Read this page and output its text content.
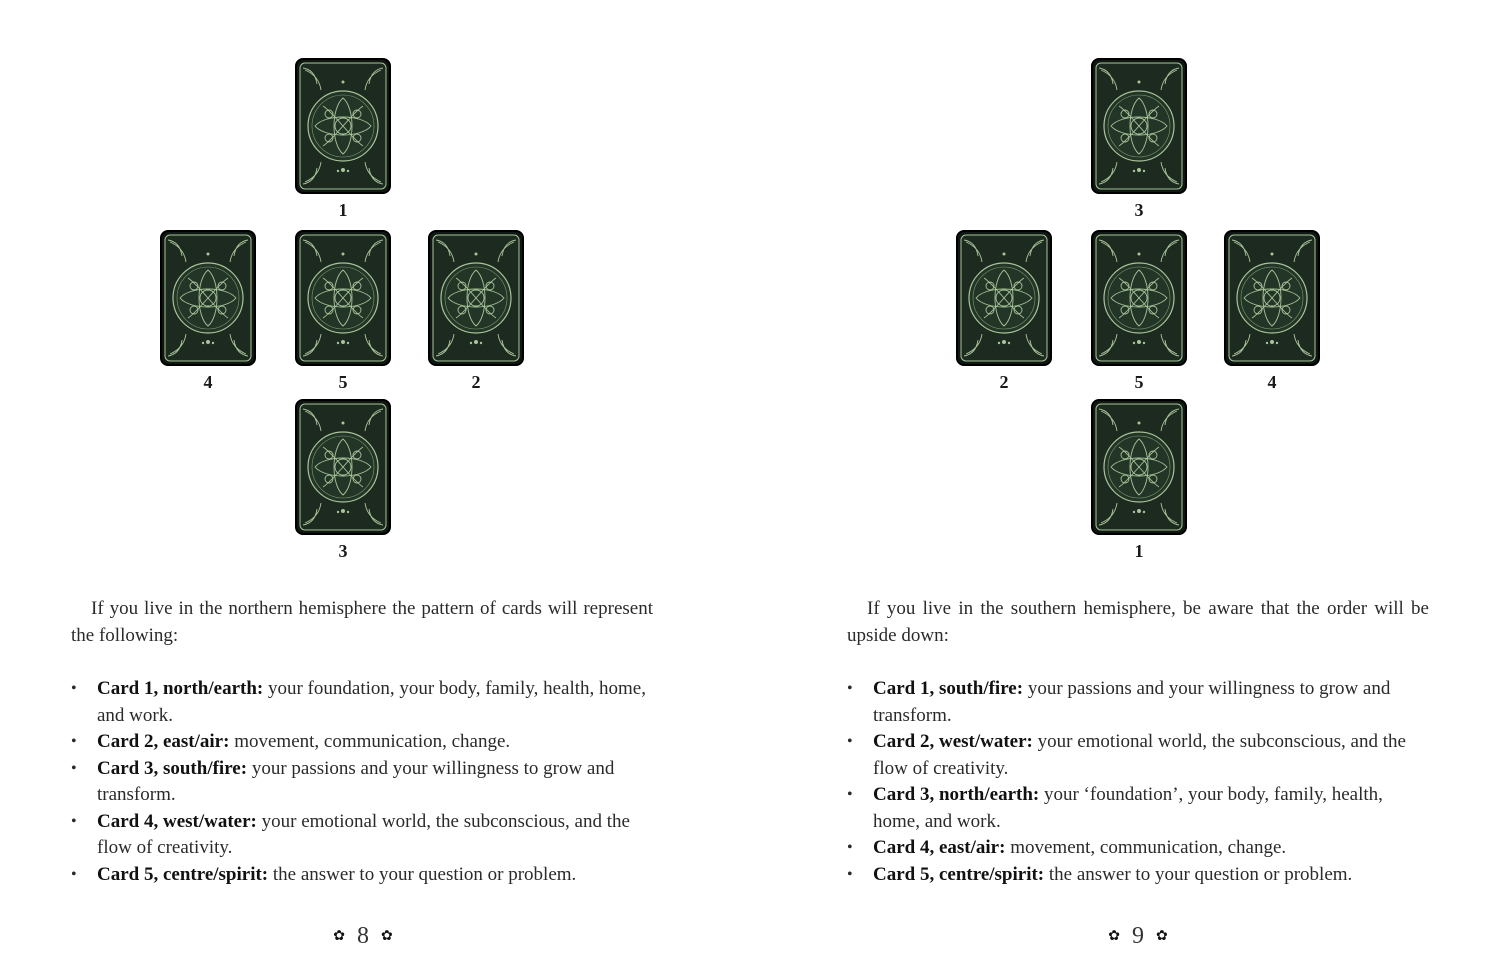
1
4	5	2
3

If you live in the northern hemisphere the pattern of cards will represent the following:

• Card 1, north/earth: your foundation, your body, family, health, home, and work.
• Card 2, east/air: movement, communication, change.
• Card 3, south/fire: your passions and your willingness to grow and transform.
• Card 4, west/water: your emotional world, the subconscious, and the flow of creativity.
• Card 5, centre/spirit: the answer to your question or problem.
✿ 8 ✿
3
2	5	4
1

If you live in the southern hemisphere, be aware that the order will be upside down:

• Card 1, south/fire: your passions and your willingness to grow and transform.
• Card 2, west/water: your emotional world, the subconscious, and the flow of creativity.
• Card 3, north/earth: your ‘foundation’, your body, family, health, home, and work.
• Card 4, east/air: movement, communication, change.
• Card 5, centre/spirit: the answer to your question or problem.
✿ 9 ✿
